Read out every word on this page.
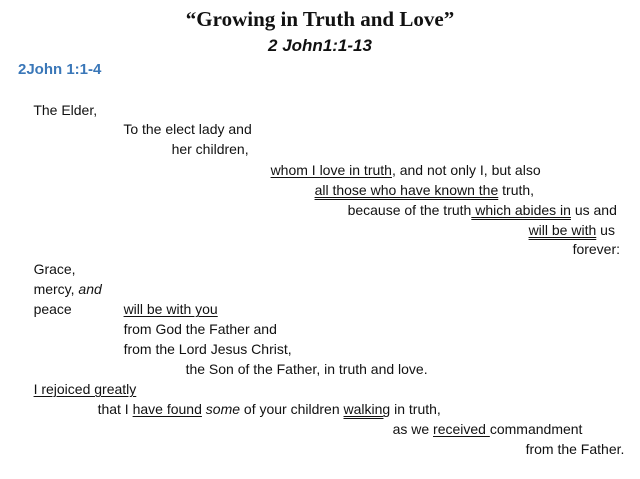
“Growing in Truth and Love”
2 John1:1-13
2John 1:1-4

The Elder,

To the elect lady and

her children,

whom I love in truth, and not only I, but also

all those who have known the truth,

because of the truth which abides in us and

will be with us

forever:

Grace,

mercy, and

peace
	will be with you

from God the Father and

from the Lord Jesus Christ,

the Son of the Father, in truth and love.

I rejoiced greatly

that I have found some of your children walking in truth,

as we received commandment

from the Father.
